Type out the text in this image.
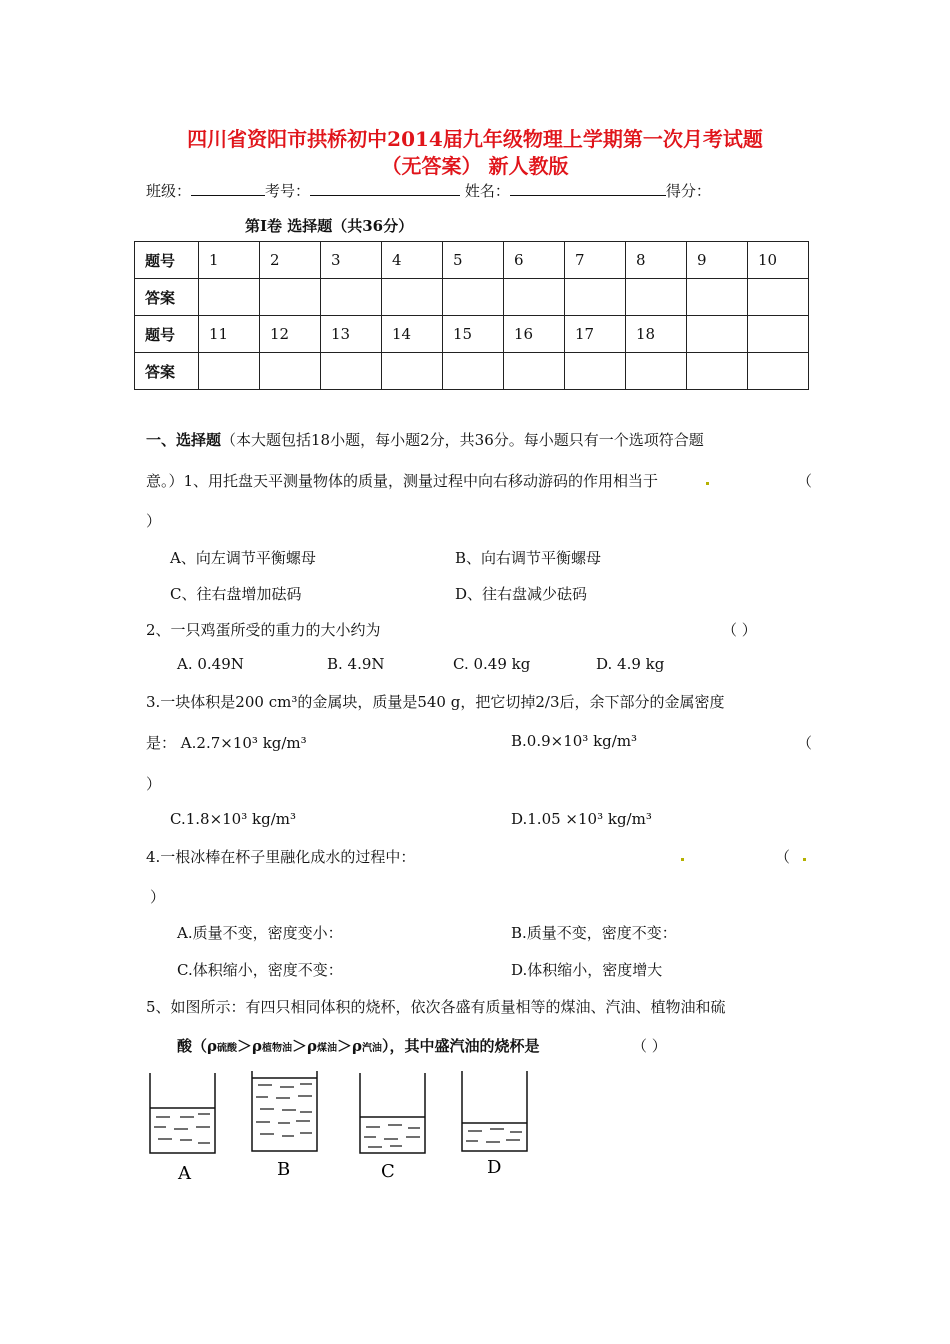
四川省资阳市拱桥初中2014届九年级物理上学期第一次月考试题
（无答案） 新人教版
班级：	考号：	姓名：	得分：
第Ⅰ卷 选择题（共36分）
题号	1	2	3	4	5	6	7	8	9	10
答案										
题号	11	12	13	14	15	16	17	18		
答案										
一、选择题（本大题包括18小题，每小题2分，共36分。每小题只有一个选项符合题
意。）1、用托盘天平测量物体的质量，测量过程中向右移动游码的作用相当于	（
）
A、向左调节平衡螺母	B、向右调节平衡螺母
C、往右盘增加砝码	D、往右盘减少砝码
2、一只鸡蛋所受的重力的大小约为	（ ）
A. 0.49N	B. 4.9N	C. 0.49 kg	D. 4.9 kg
3.一块体积是200 cm³的金属块，质量是540 g，把它切掉2/3后，余下部分的金属密度
是： A.2.7×10³ kg/m³	B.0.9×10³ kg/m³	（
）
C.1.8×10³ kg/m³	D.1.05 ×10³ kg/m³
4.一根冰棒在杯子里融化成水的过程中：	（
）
A.质量不变，密度变小：	B.质量不变，密度不变：
C.体积缩小，密度不变：	D.体积缩小，密度增大
5、如图所示：有四只相同体积的烧杯，依次各盛有质量相等的煤油、汽油、植物油和硫
酸（ρ硫酸＞ρ植物油＞ρ煤油＞ρ汽油），其中盛汽油的烧杯是	（ ）
A	B	C	D
